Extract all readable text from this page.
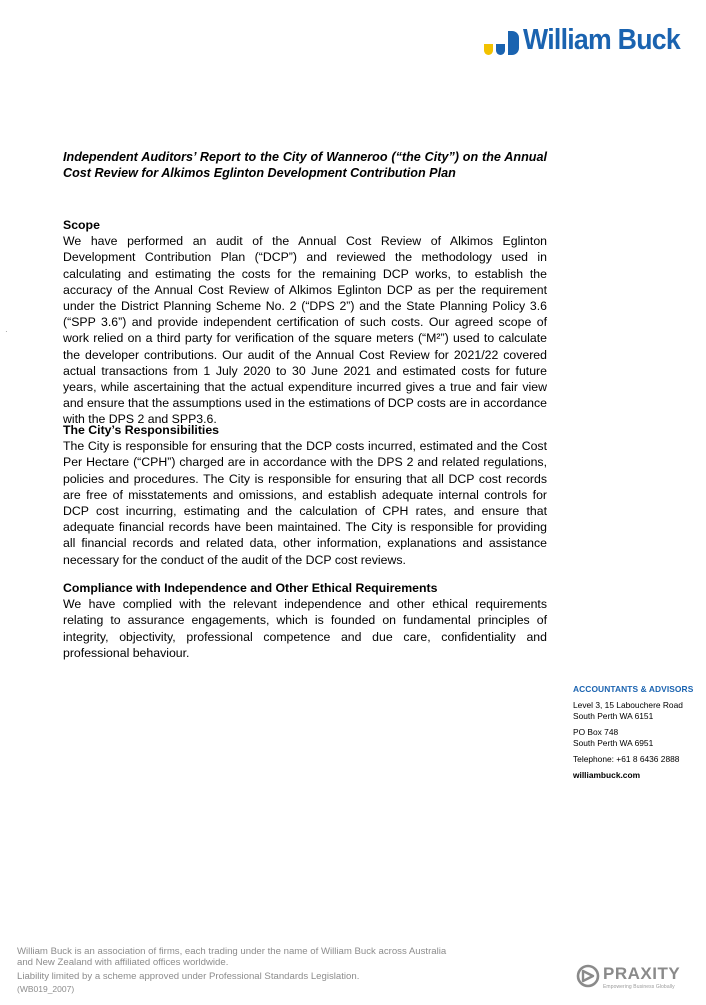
William Buck
·
Independent Auditors’ Report to the City of Wanneroo (“the City”) on the Annual Cost Review for Alkimos Eglinton Development Contribution Plan
Scope

We have performed an audit of the Annual Cost Review of Alkimos Eglinton Development Contribution Plan (“DCP”) and reviewed the methodology used in calculating and estimating the costs for the remaining DCP works, to establish the accuracy of the Annual Cost Review of Alkimos Eglinton DCP as per the requirement under the District Planning Scheme No. 2 (“DPS 2”) and the State Planning Policy 3.6 (“SPP 3.6”) and provide independent certification of such costs. Our agreed scope of work relied on a third party for verification of the square meters (“M²”) used to calculate the developer contributions. Our audit of the Annual Cost Review for 2021/22 covered actual transactions from 1 July 2020 to 30 June 2021 and estimated costs for future years, while ascertaining that the actual expenditure incurred gives a true and fair view and ensure that the assumptions used in the estimations of DCP costs are in accordance with the DPS 2 and SPP3.6.

The City’s Responsibilities

The City is responsible for ensuring that the DCP costs incurred, estimated and the Cost Per Hectare (“CPH”) charged are in accordance with the DPS 2 and related regulations, policies and procedures. The City is responsible for ensuring that all DCP cost records are free of misstatements and omissions, and establish adequate internal controls for DCP cost incurring, estimating and the calculation of CPH rates, and ensure that adequate financial records have been maintained. The City is responsible for providing all financial records and related data, other information, explanations and assistance necessary for the conduct of the audit of the DCP cost reviews.

Compliance with Independence and Other Ethical Requirements

We have complied with the relevant independence and other ethical requirements relating to assurance engagements, which is founded on fundamental principles of integrity, objectivity, professional competence and due care, confidentiality and professional behaviour.

ACCOUNTANTS & ADVISORS
Level 3, 15 Labouchere Road
South Perth WA 6151
PO Box 748
South Perth WA 6951
Telephone: +61 8 6436 2888
williambuck.com
William Buck is an association of firms, each trading under the name of William Buck across Australia
and New Zealand with affiliated offices worldwide.
Liability limited by a scheme approved under Professional Standards Legislation.
(WB019_2007)
PRAXITY
Empowering Business Globally
